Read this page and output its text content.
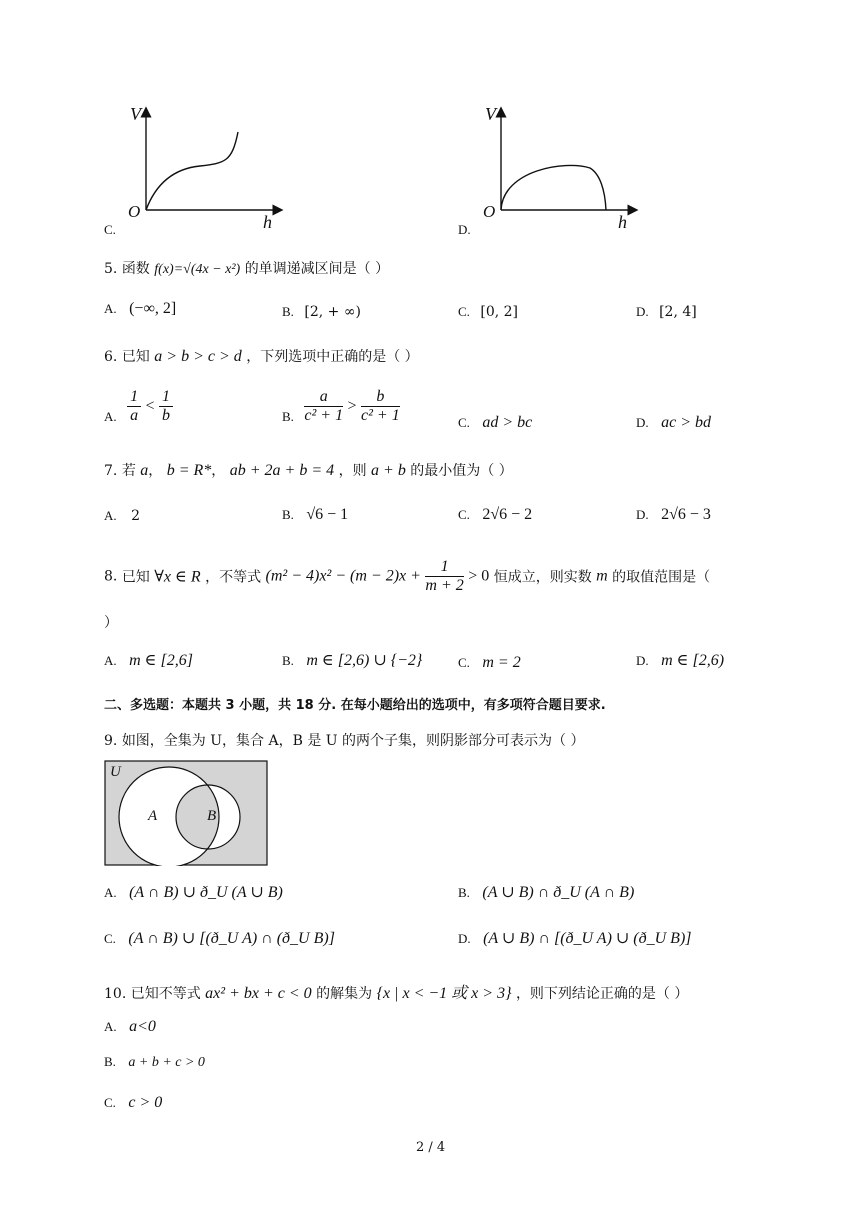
V
O
h
C.
V
O
h
D.
5. 函数 f(x)=√(4x − x²) 的单调递减区间是（ ）
A. (−∞, 2]	B. [2, + ∞)	C. [0, 2]	D. [2, 4]
6. 已知 a > b > c > d ，下列选项中正确的是（ ）
A. $\frac{1}{a} < \frac{1}{b}$	B. $\frac{a}{\text{c² + 1}} > \frac{b}{\text{c² + 1}}$	C. ad > bc	D. ac > bd
7. 若 a， b = R*， ab + 2a + b = 4 ，则 a + b 的最小值为（ ）
A. 2	B. √6 − 1	C. 2√6 − 2	D. 2√6 − 3
8. 已知 ∀x ∈ R ，不等式 $(m^2 - 4)x^2 - (m - 2)x + \frac{1}{m + 2} > 0$ 恒成立，则实数 m 的取值范围是（
）
A. m ∈ [2,6]	B. m ∈ [2,6) ∪ {−2}	C. m = 2	D. m ∈ [2,6)
二、多选题：本题共 3 小题，共 18 分. 在每小题给出的选项中，有多项符合题目要求.
9. 如图，全集为 U，集合 A，B 是 U 的两个子集，则阴影部分可表示为（ ）
U
A	B
A. (A ∩ B) ∪ ð_U (A ∪ B)	B. (A ∪ B) ∩ ð_U (A ∩ B)
C. (A ∩ B) ∪ [(ð_U A) ∩ (ð_U B)]	D. (A ∪ B) ∩ [(ð_U A) ∪ (ð_U B)]
10. 已知不等式 ax² + bx + c < 0 的解集为 {x | x < −1 或 x > 3} ，则下列结论正确的是（ ）
A. a<0
B. a + b + c > 0
C. c > 0
2 / 4
